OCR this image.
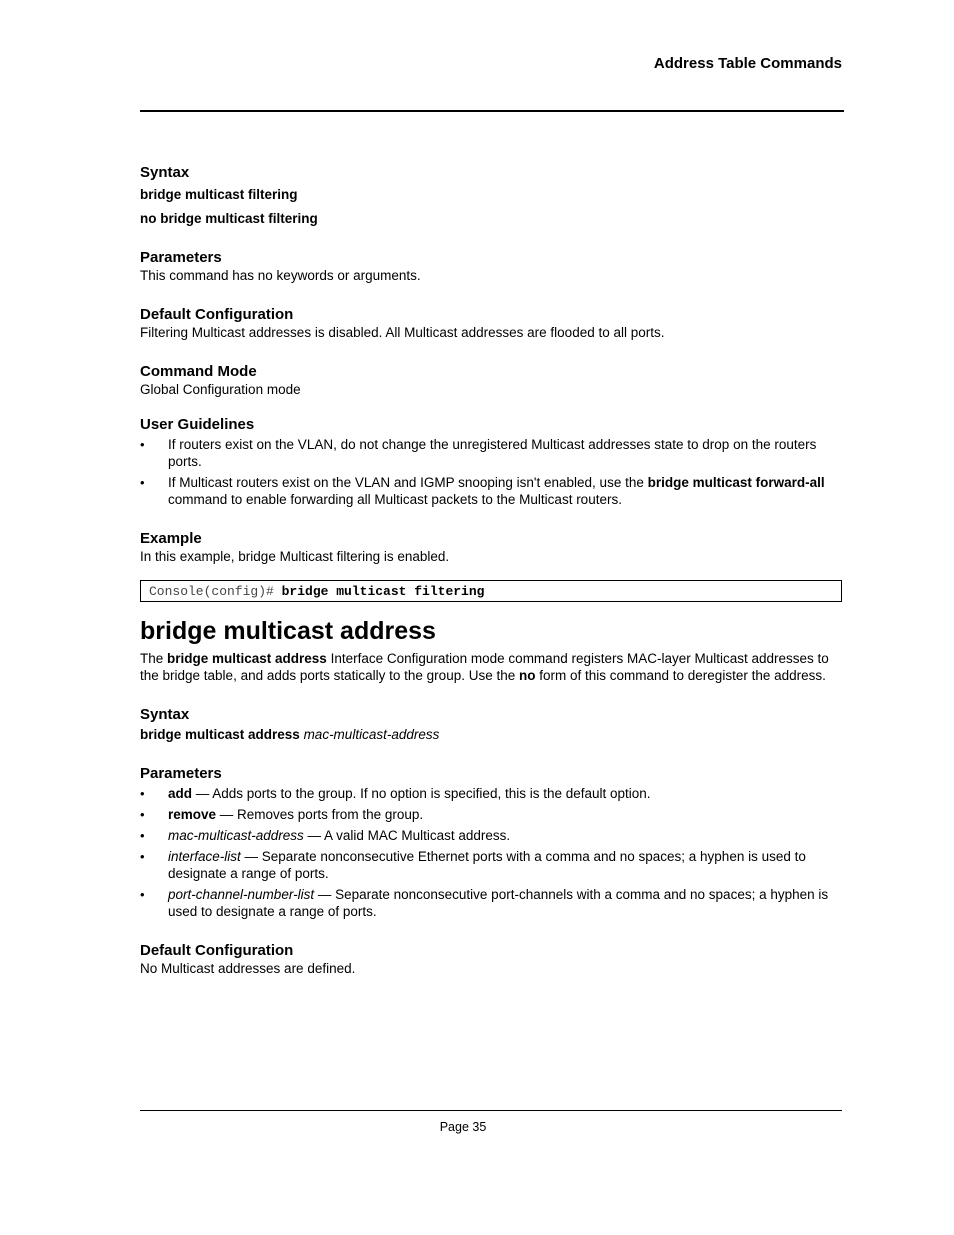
Address Table Commands

Syntax

bridge multicast filtering

no bridge multicast filtering

Parameters

This command has no keywords or arguments.

Default Configuration

Filtering Multicast addresses is disabled. All Multicast addresses are flooded to all ports.

Command Mode

Global Configuration mode

User Guidelines

• If routers exist on the VLAN, do not change the unregistered Multicast addresses state to drop on the routers ports.
• If Multicast routers exist on the VLAN and IGMP snooping isn't enabled, use the bridge multicast forward-all command to enable forwarding all Multicast packets to the Multicast routers.

Example

In this example, bridge Multicast filtering is enabled.

Console(config)# bridge multicast filtering

bridge multicast address

The bridge multicast address Interface Configuration mode command registers MAC-layer Multicast addresses to the bridge table, and adds ports statically to the group. Use the no form of this command to deregister the address.

Syntax

bridge multicast address mac-multicast-address

Parameters

• add — Adds ports to the group. If no option is specified, this is the default option.
• remove — Removes ports from the group.
• mac-multicast-address — A valid MAC Multicast address.
• interface-list — Separate nonconsecutive Ethernet ports with a comma and no spaces; a hyphen is used to designate a range of ports.
• port-channel-number-list — Separate nonconsecutive port-channels with a comma and no spaces; a hyphen is used to designate a range of ports.

Default Configuration

No Multicast addresses are defined.

Page 35
